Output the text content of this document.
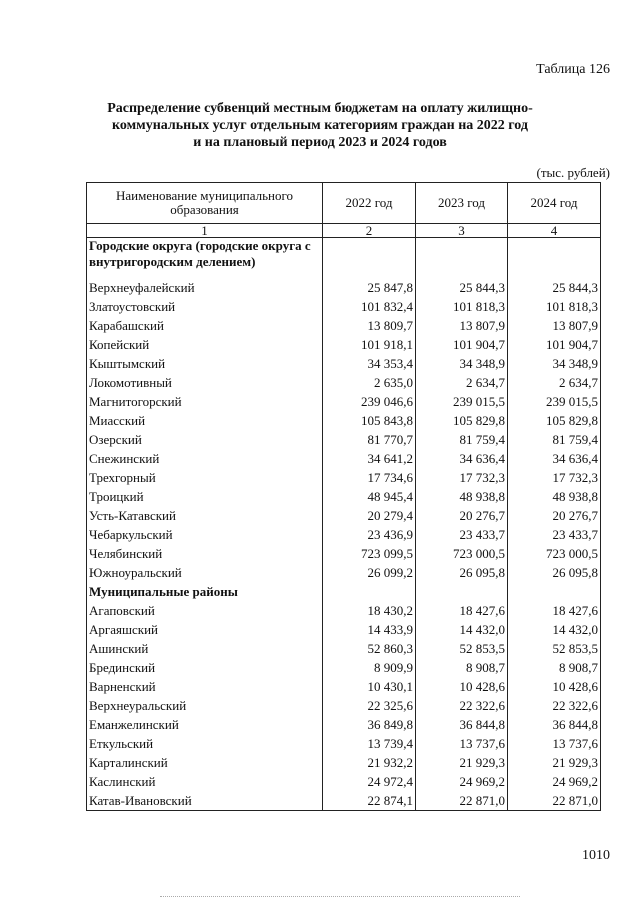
Таблица 126
Распределение субвенций местным бюджетам на оплату жилищно-
коммунальных услуг отдельным категориям граждан на 2022 год
и на плановый период 2023 и 2024 годов
(тыс. рублей)
Наименование муниципального образования	2022 год	2023 год	2024 год
1	2	3	4
Городские округа (городские округа с внутригородским делением)			
Верхнеуфалейский	25 847,8	25 844,3	25 844,3
Златоустовский	101 832,4	101 818,3	101 818,3
Карабашский	13 809,7	13 807,9	13 807,9
Копейский	101 918,1	101 904,7	101 904,7
Кыштымский	34 353,4	34 348,9	34 348,9
Локомотивный	2 635,0	2 634,7	2 634,7
Магнитогорский	239 046,6	239 015,5	239 015,5
Миасский	105 843,8	105 829,8	105 829,8
Озерский	81 770,7	81 759,4	81 759,4
Снежинский	34 641,2	34 636,4	34 636,4
Трехгорный	17 734,6	17 732,3	17 732,3
Троицкий	48 945,4	48 938,8	48 938,8
Усть-Катавский	20 279,4	20 276,7	20 276,7
Чебаркульский	23 436,9	23 433,7	23 433,7
Челябинский	723 099,5	723 000,5	723 000,5
Южноуральский	26 099,2	26 095,8	26 095,8
Муниципальные районы			
Агаповский	18 430,2	18 427,6	18 427,6
Аргаяшский	14 433,9	14 432,0	14 432,0
Ашинский	52 860,3	52 853,5	52 853,5
Брединский	8 909,9	8 908,7	8 908,7
Варненский	10 430,1	10 428,6	10 428,6
Верхнеуральский	22 325,6	22 322,6	22 322,6
Еманжелинский	36 849,8	36 844,8	36 844,8
Еткульский	13 739,4	13 737,6	13 737,6
Карталинский	21 932,2	21 929,3	21 929,3
Каслинский	24 972,4	24 969,2	24 969,2
Катав-Ивановский	22 874,1	22 871,0	22 871,0
1010
